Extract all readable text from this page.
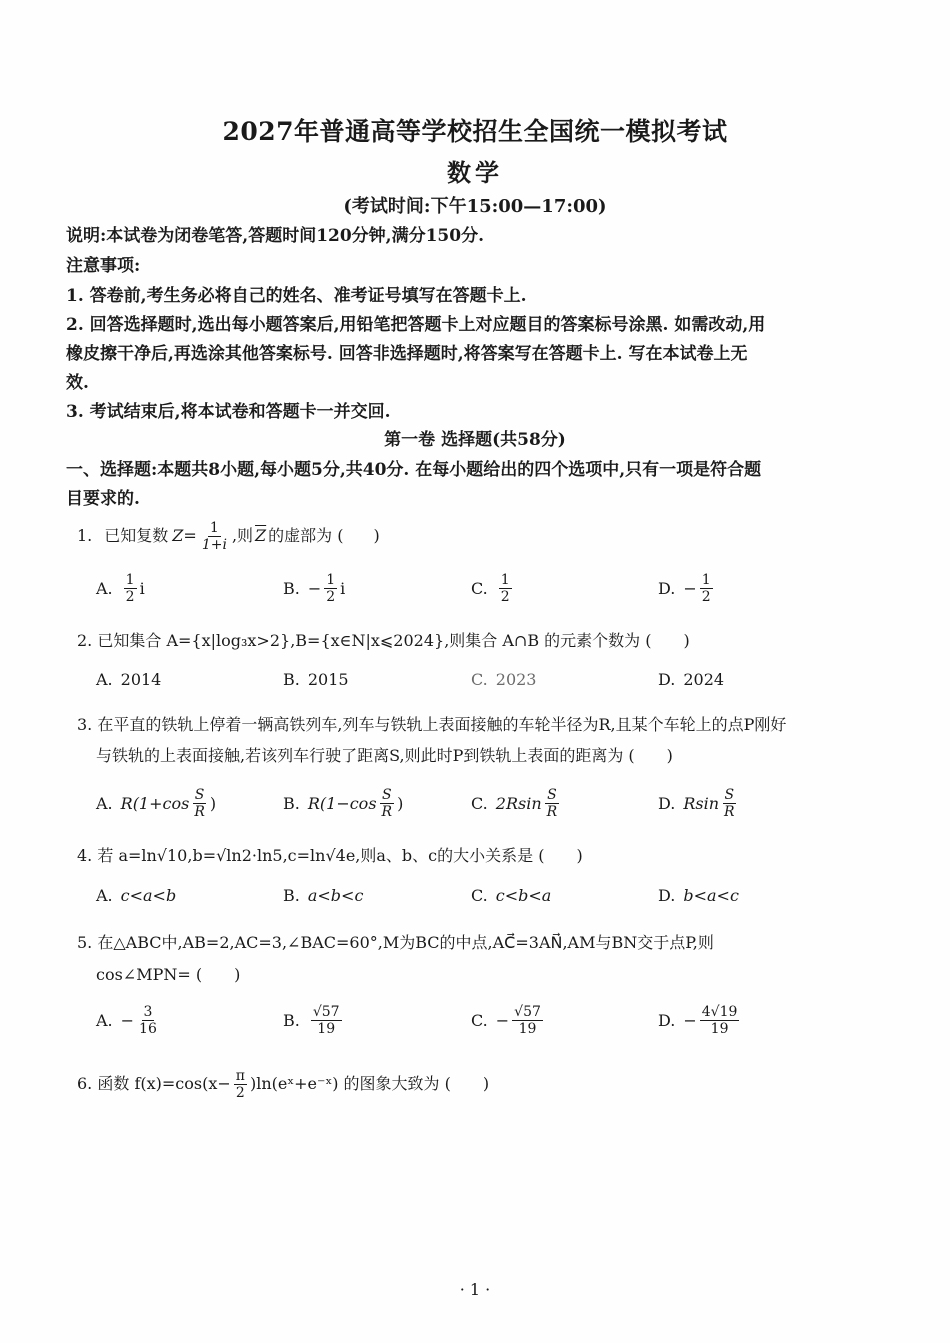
2027年普通高等学校招生全国统一模拟考试
数学
(考试时间:下午15:00—17:00)
说明:本试卷为闭卷笔答,答题时间120分钟,满分150分.
注意事项:
1. 答卷前,考生务必将自己的姓名、准考证号填写在答题卡上.
2. 回答选择题时,选出每小题答案后,用铅笔把答题卡上对应题目的答案标号涂黑. 如需改动,用
橡皮擦干净后,再选涂其他答案标号. 回答非选择题时,将答案写在答题卡上. 写在本试卷上无
效.
3. 考试结束后,将本试卷和答题卡一并交回.
第一卷 选择题(共58分)
一、选择题:本题共8小题,每小题5分,共40分. 在每小题给出的四个选项中,只有一项是符合题
目要求的.
1. 已知复数 $Z = \frac{1}{1+i}$ ,则 $\overline{Z}$ 的虚部为 ( )
A. $\frac{1}{2}$ i	B. − $\frac{1}{2}$ i	C. $\frac{1}{2}$	D. − $\frac{1}{2}$
2. 已知集合 A={x|log₃x>2},B={x∈N|x⩽2024},则集合 A∩B 的元素个数为 (　　)
A. 2014	B. 2015	C. 2023	D. 2024
3. 在平直的铁轨上停着一辆高铁列车,列车与铁轨上表面接触的车轮半径为R,且某个车轮上的点P刚好
与铁轨的上表面接触,若该列车行驶了距离S,则此时P到铁轨上表面的距离为 (　　)
A. $R(1+\cos \frac{S}{R}$ )	B. $R(1-\cos \frac{S}{R}$ )	C. $2Rsin \frac{S}{R}$	D. Rsin $\frac{S}{R}$
4. 若 a=ln√10,b=√ln2·ln5,c=ln√4e,则a、b、c的大小关系是 (　　)
A. c<a<b	B. a<b<c	C. c<b<a	D. b<a<c
5. 在△ABC中,AB=2,AC=3,∠BAC=60°,M为BC的中点,AC⃗=3AN⃗,AM与BN交于点P,则
cos∠MPN= (　　)
A. − $\frac{3}{16}$	B. $\frac{√57}{19}$	C. − $\frac{√57}{19}$	D. − $\frac{4√19}{19}$
6. 函数 $f(x)=\cos(x- \frac{\pi}{2}$ )ln(eˣ+e⁻ˣ) 的图象大致为 (　　)
· 1 ·
